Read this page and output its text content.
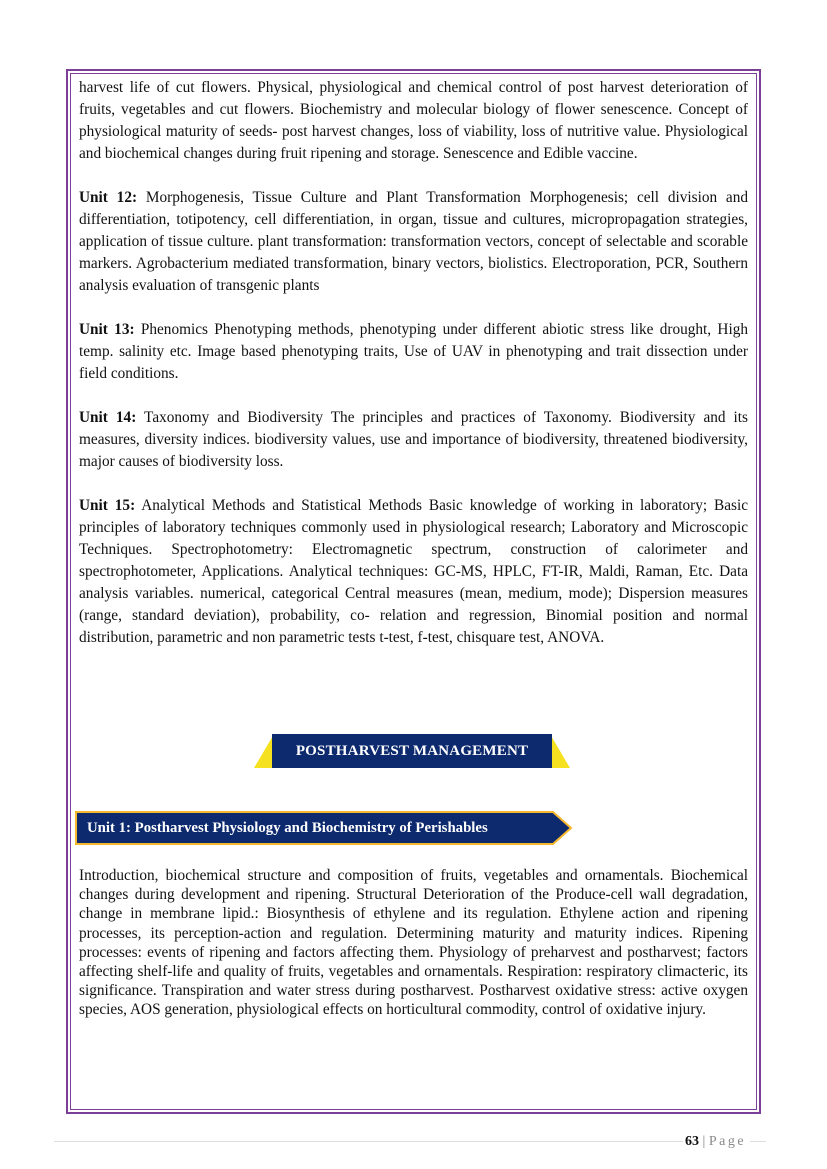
harvest life of cut flowers. Physical, physiological and chemical control of post harvest deterioration of fruits, vegetables and cut flowers. Biochemistry and molecular biology of flower senescence. Concept of physiological maturity of seeds- post harvest changes, loss of viability, loss of nutritive value. Physiological and biochemical changes during fruit ripening and storage. Senescence and Edible vaccine.

Unit 12: Morphogenesis, Tissue Culture and Plant Transformation Morphogenesis; cell division and differentiation, totipotency, cell differentiation, in organ, tissue and cultures, micropropagation strategies, application of tissue culture. plant transformation: transformation vectors, concept of selectable and scorable markers. Agrobacterium mediated transformation, binary vectors, biolistics. Electroporation, PCR, Southern analysis evaluation of transgenic plants

Unit 13: Phenomics Phenotyping methods, phenotyping under different abiotic stress like drought, High temp. salinity etc. Image based phenotyping traits, Use of UAV in phenotyping and trait dissection under field conditions.

Unit 14: Taxonomy and Biodiversity The principles and practices of Taxonomy. Biodiversity and its measures, diversity indices. biodiversity values, use and importance of biodiversity, threatened biodiversity, major causes of biodiversity loss.

Unit 15: Analytical Methods and Statistical Methods Basic knowledge of working in laboratory; Basic principles of laboratory techniques commonly used in physiological research; Laboratory and Microscopic Techniques. Spectrophotometry: Electromagnetic spectrum, construction of calorimeter and spectrophotometer, Applications. Analytical techniques: GC-MS, HPLC, FT-IR, Maldi, Raman, Etc. Data analysis variables. numerical, categorical Central measures (mean, medium, mode); Dispersion measures (range, standard deviation), probability, co- relation and regression, Binomial position and normal distribution, parametric and non parametric tests t-test, f-test, chisquare test, ANOVA.

POSTHARVEST MANAGEMENT
Unit 1: Postharvest Physiology and Biochemistry of Perishables
Introduction, biochemical structure and composition of fruits, vegetables and ornamentals. Biochemical changes during development and ripening. Structural Deterioration of the Produce-cell wall degradation, change in membrane lipid.: Biosynthesis of ethylene and its regulation. Ethylene action and ripening processes, its perception-action and regulation. Determining maturity and maturity indices. Ripening processes: events of ripening and factors affecting them. Physiology of preharvest and postharvest; factors affecting shelf-life and quality of fruits, vegetables and ornamentals. Respiration: respiratory climacteric, its significance. Transpiration and water stress during postharvest. Postharvest oxidative stress: active oxygen species, AOS generation, physiological effects on horticultural commodity, control of oxidative injury.
63 | Page
